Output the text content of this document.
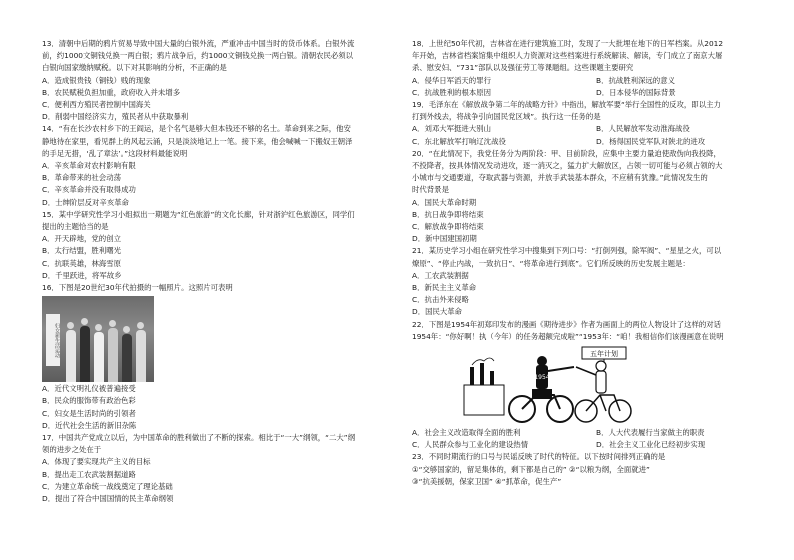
13．清朝中后期的鸦片贸易导致中国大量的白银外流，严重冲击中国当时的货币体系。白银外流
前，约1000文铜钱兑换一两白银；鸦片战争后，约1000文铜钱兑换一两白银。清朝农民必须以
白银向国家缴纳赋税。以下对其影响的分析，不正确的是
A．造成银贵钱（铜钱）贱的现象
B．农民赋税负担加重，政府收入并未增多
C．便利西方殖民者控制中国海关
D．削弱中国经济实力，殖民者从中获取暴利
14．“有在长沙农村乡下的王阎运，是个名气是够大但本钱还不够的名士。革命到来之际，他安
静地待在家里，看见群上的风起云涌，只是淡淡地记上一笔。接下来，他会喊喊一下搬奴王朝泽
的手足无措，‘乱了章法’。”这段材料最能说明
A．辛亥革命对农村影响有限
B．革命带来的社会动荡
C．辛亥革命并没有取得成功
D．士绅阶层反对辛亥革命
15．某中学研究性学习小组拟出一期题为“红色旅游”的文化长廊，针对浙沪红色旅游区，同学们
提出的主题恰当的是
A．开天辟地，党的创立
B．太行结盟，胜利曙光
C．抗联英雄，林海雪原
D．千里跃进，将军故乡
16．下图是20世纪30年代拍摄的一幅照片。这照片可表明
妇女新生活运动
A．近代文明礼仪被普遍接受
B．民众的服饰带有政治色彩
C．妇女是生活时尚的引领者
D．近代社会生活的新旧杂陈
17．中国共产党成立以后，为中国革命的胜利做出了不断的探索。相比于“一大”纲领，“二大”纲
领的进步之处在于
A．体现了要实现共产主义的目标
B．提出走工农武装割据道路
C．为建立革命统一战线奠定了理论基础
D．提出了符合中国国情的民主革命纲领
18．上世纪50年代初，吉林省在进行建筑施工时，发现了一大批埋在地下的日军档案。从2012
年开始，吉林省档案馆集中组织人力资源对这些档案进行系统解读、解读，专门成立了南京大屠
杀、慰安妇、“731”部队以及强征劳工等课题组。这些课题主要研究
A．侵华日军滔天的罪行	B．抗战胜利深远的意义
C．抗战胜利的根本原因	D．日本侵华的国际背景
19．毛泽东在《解放战争第二年的战略方针》中指出，解放军要“举行全国性的反攻，即以主力
打到外线去，将战争引向国民党区域”。执行这一任务的是
A．刘邓大军挺进大别山	B．人民解放军发动淮海战役
C．东北解放军打响辽沈战役	D．杨得国民党军队对陕北的进攻
20．“在此情况下，我党任务分为两阶段：甲、目前阶段，应集中主要力量迫使敌伪向我投降，
不投降者，按具体情况发动进攻，逐一消灭之，猛力扩大解放区，占领一切可能与必须占领的大
小城市与交通要道，夺取武器与资源，并放手武装基本群众，不应稍有犹豫。”此情况发生的
时代背景是
A．国民大革命时期
B．抗日战争即将结束
C．解放战争即将结束
D．新中国建国初期
21．某历史学习小组在研究性学习中搜集到下列口号：“打倒列强，除军阀”、“星星之火，可以
燎原”、“停止内战，一致抗日”、“将革命进行到底”。它们所反映的历史发展主题是：
A．工农武装割据
B．新民主主义革命
C．抗击外来侵略
D．国民大革命
22．下图是1954年初郑印发布的漫画《期待进步》作者为画面上的两位人物设计了这样的对话
1954年：“你好啊！执（今年）的任务超额完成啦”“1953年：“咱！我相信你们该漫画意在说明
五年计划
1954
A．社会主义改造取得全面的胜利	B．人大代表履行当家做主的职责
C．人民群众参与工业化的建设热情	D．社会主义工业化已经初步实现
23．不同时期流行的口号与民谣反映了时代的特征。以下按时间排列正确的是
①“交够国家的，留足集体的，剩下都是自己的” ②“以粮为纲，全面就进”
③“抗美援朝，保家卫国” ④“抓革命，促生产”
